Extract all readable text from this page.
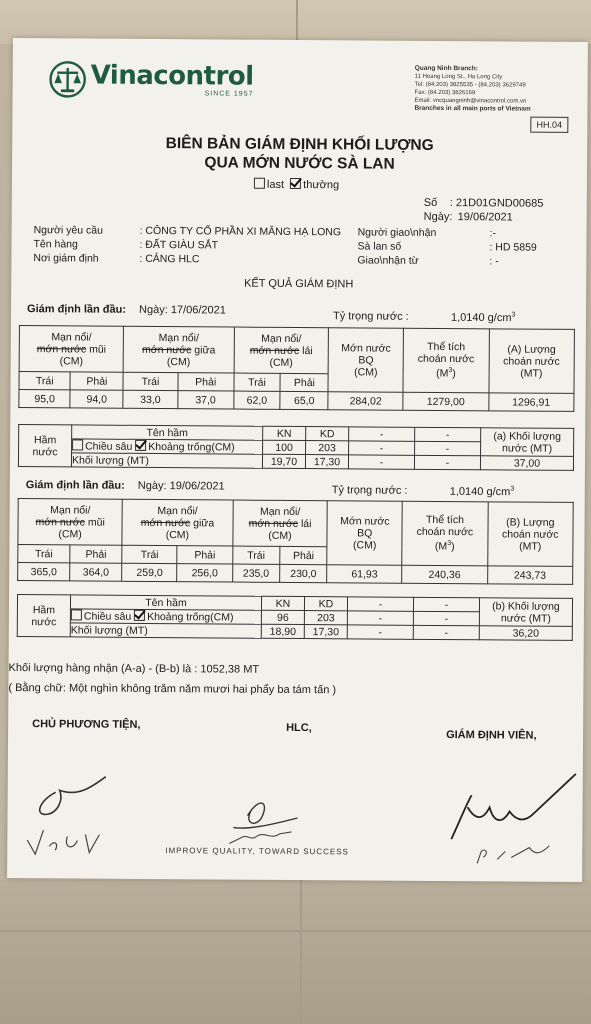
Vinacontrol
SINCE 1957
Quang Ninh Branch:
11 Hoang Long St., Ha Long City
Tel: (84.203) 3825535 - (84.203) 3629749
Fax: (84.203) 3826169
Email: vncquangninh@vinacontrol.com.vn
Branches in all main ports of Vietnam
HH.04
BIÊN BẢN GIÁM ĐỊNH KHỐI LƯỢNG
QUA MỚN NƯỚC SÀ LAN
last thường
Số : 21D01GND00685
Ngày: 19/06/2021
Người yêu cầu	: CÔNG TY CỔ PHẦN XI MĂNG HẠ LONG
Tên hàng	: ĐẤT GIÀU SẮT
Nơi giám định	: CẢNG HLC
Người giao\nhận	:-
Sà lan số	: HD 5859
Giao\nhận từ	: -
KẾT QUẢ GIÁM ĐỊNH
Giám định lần đầu: Ngày: 17/06/2021
Tỷ trọng nước :	1,0140 $g/cm^3$
Mạn nổi/
mớn nước mũi
(CM)		Mạn nổi/
mớn nước giữa
(CM)		Mạn nổi/
mớn nước lái
(CM)		Mớn nước
BQ
(CM)	Thể tích
choán nước
$(M^3)$	(A) Lượng
choán nước
(MT)
Trái	Phải	Trái	Phải	Trái	Phải			
95,0	94,0	33,0	37,0	62,0	65,0	284,02	1279,00	1296,91
Hầm
nước	Tên hầm	KN	KD	-	-	(a) Khối lượng
nước (MT)
	Chiều sâu Khoảng trống(CM)	100	203	-	-	
	Khối lượng (MT)	19,70	17,30	-	-	37,00
Giám định lần đầu: Ngày: 19/06/2021	Tỷ trọng nước :	1,0140 $g/cm^3$
Mạn nổi/
mớn nước mũi
(CM)		Mạn nổi/
mớn nước giữa
(CM)		Mạn nổi/
mớn nước lái
(CM)		Mớn nước
BQ
(CM)	Thể tích
choán nước
$(M^3)$	(B) Lượng
choán nước
(MT)
Trái	Phải	Trái	Phải	Trái	Phải			
365,0	364,0	259,0	256,0	235,0	230,0	61,93	240,36	243,73
Hầm
nước	Tên hầm	KN	KD	-	-	(b) Khối lượng
nước (MT)
	Chiều sâu Khoảng trống(CM)	96	203	-	-	
	Khối lượng (MT)	18,90	17,30	-	-	36,20
Khối lượng hàng nhận (A-a) - (B-b) là : 1052,38 MT
( Bằng chữ: Một nghìn không trăm năm mươi hai phẩy ba tám tấn )
CHỦ PHƯƠNG TIỆN,	HLC,
GIÁM ĐỊNH VIÊN,
IMPROVE QUALITY, TOWARD SUCCESS
